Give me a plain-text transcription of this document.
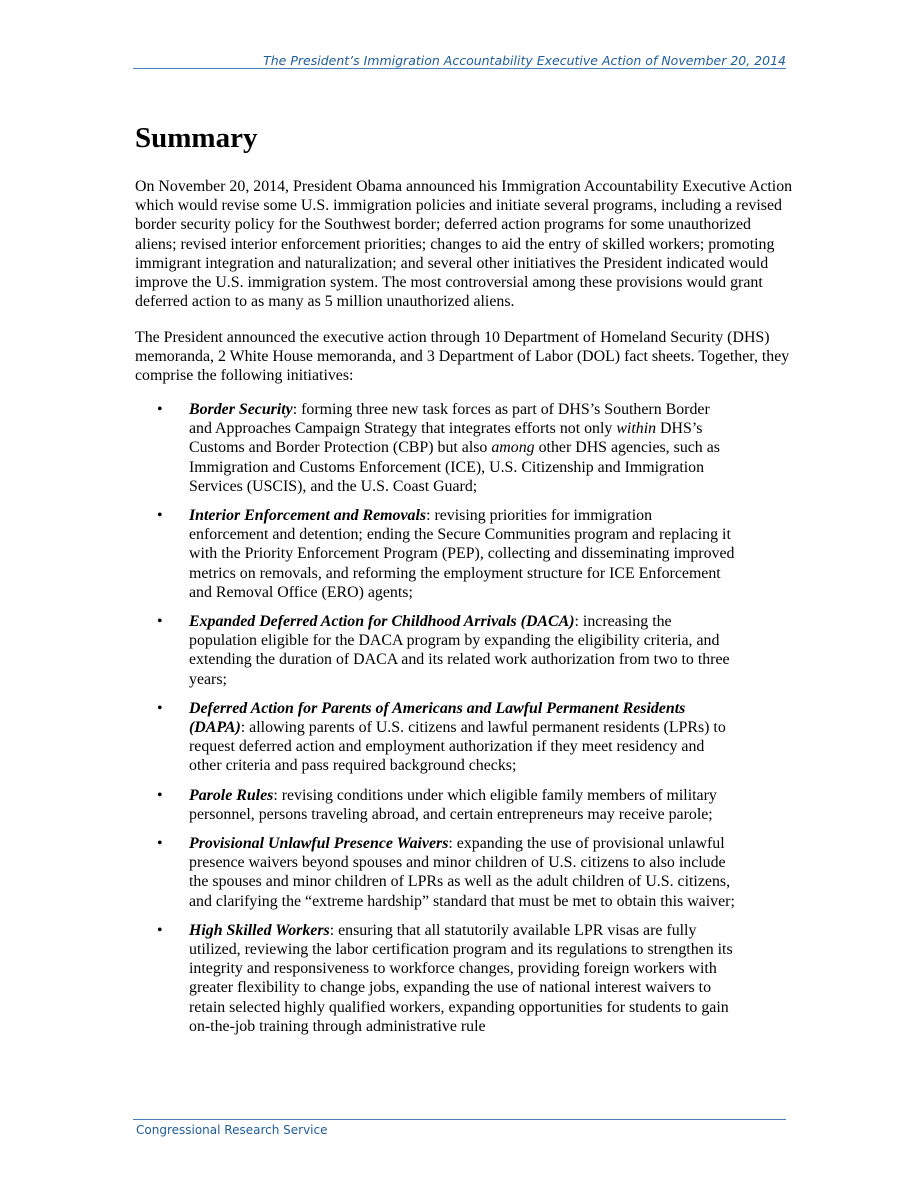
The President’s Immigration Accountability Executive Action of November 20, 2014
Summary

On November 20, 2014, President Obama announced his Immigration Accountability Executive Action which would revise some U.S. immigration policies and initiate several programs, including a revised border security policy for the Southwest border; deferred action programs for some unauthorized aliens; revised interior enforcement priorities; changes to aid the entry of skilled workers; promoting immigrant integration and naturalization; and several other initiatives the President indicated would improve the U.S. immigration system. The most controversial among these provisions would grant deferred action to as many as 5 million unauthorized aliens.

The President announced the executive action through 10 Department of Homeland Security (DHS) memoranda, 2 White House memoranda, and 3 Department of Labor (DOL) fact sheets. Together, they comprise the following initiatives:

• Border Security: forming three new task forces as part of DHS’s Southern Border and Approaches Campaign Strategy that integrates efforts not only within DHS’s Customs and Border Protection (CBP) but also among other DHS agencies, such as Immigration and Customs Enforcement (ICE), U.S. Citizenship and Immigration Services (USCIS), and the U.S. Coast Guard;
• Interior Enforcement and Removals: revising priorities for immigration enforcement and detention; ending the Secure Communities program and replacing it with the Priority Enforcement Program (PEP), collecting and disseminating improved metrics on removals, and reforming the employment structure for ICE Enforcement and Removal Office (ERO) agents;
• Expanded Deferred Action for Childhood Arrivals (DACA): increasing the population eligible for the DACA program by expanding the eligibility criteria, and extending the duration of DACA and its related work authorization from two to three years;
• Deferred Action for Parents of Americans and Lawful Permanent Residents (DAPA): allowing parents of U.S. citizens and lawful permanent residents (LPRs) to request deferred action and employment authorization if they meet residency and other criteria and pass required background checks;
• Parole Rules: revising conditions under which eligible family members of military personnel, persons traveling abroad, and certain entrepreneurs may receive parole;
• Provisional Unlawful Presence Waivers: expanding the use of provisional unlawful presence waivers beyond spouses and minor children of U.S. citizens to also include the spouses and minor children of LPRs as well as the adult children of U.S. citizens, and clarifying the “extreme hardship” standard that must be met to obtain this waiver;
• High Skilled Workers: ensuring that all statutorily available LPR visas are fully utilized, reviewing the labor certification program and its regulations to strengthen its integrity and responsiveness to workforce changes, providing foreign workers with greater flexibility to change jobs, expanding the use of national interest waivers to retain selected highly qualified workers, expanding opportunities for students to gain on-the-job training through administrative rule
Congressional Research Service
